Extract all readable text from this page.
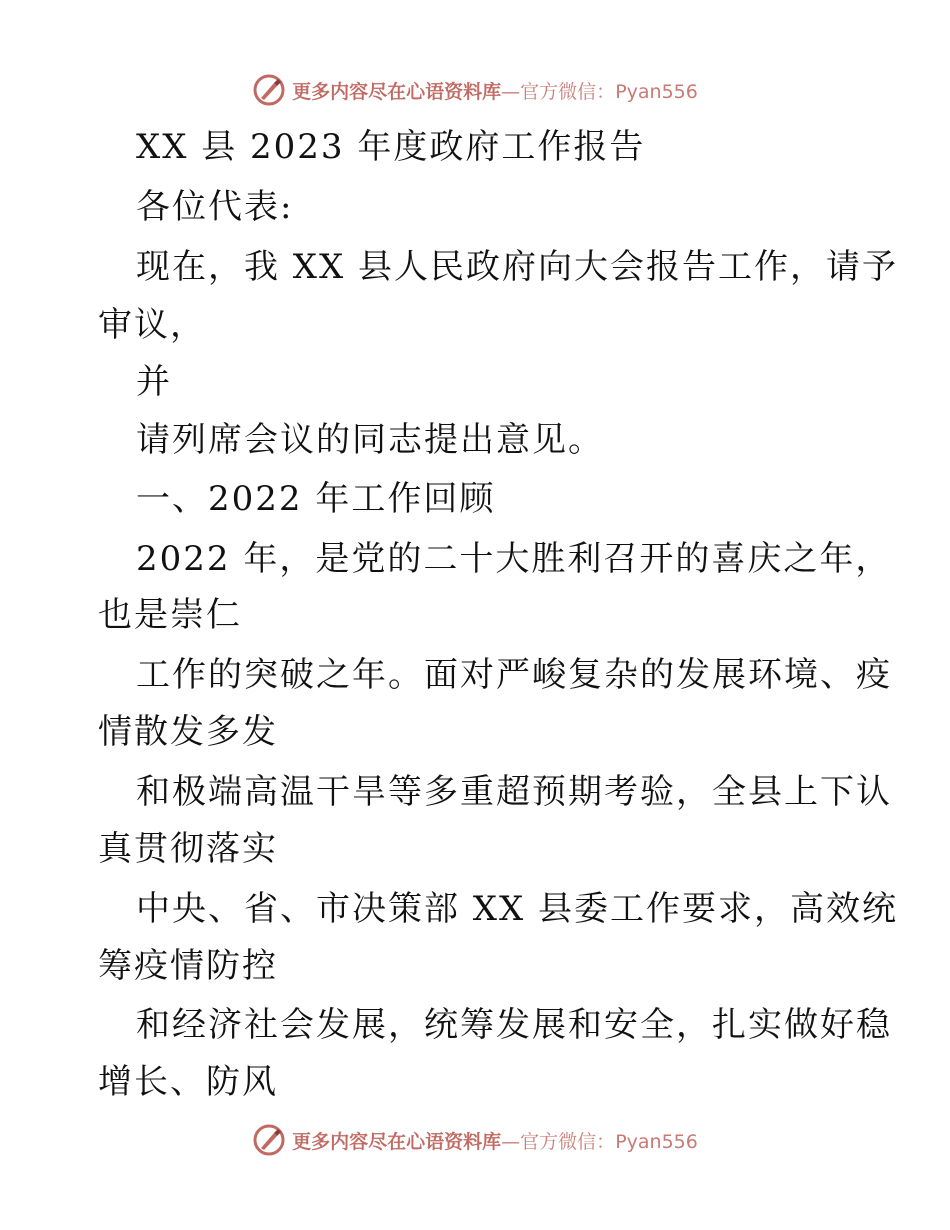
更多内容尽在心语资料库—官方微信：Pyan556
XX 县 2023 年度政府工作报告
各位代表:
现在，我 XX 县人民政府向大会报告工作，请予
审议，
并
请列席会议的同志提出意见。
一、2022 年工作回顾
2022 年，是党的二十大胜利召开的喜庆之年，
也是崇仁
工作的突破之年。面对严峻复杂的发展环境、疫
情散发多发
和极端高温干旱等多重超预期考验，全县上下认
真贯彻落实
中央、省、市决策部 XX 县委工作要求，高效统
筹疫情防控
和经济社会发展，统筹发展和安全，扎实做好稳
增长、防风
更多内容尽在心语资料库—官方微信：Pyan556
